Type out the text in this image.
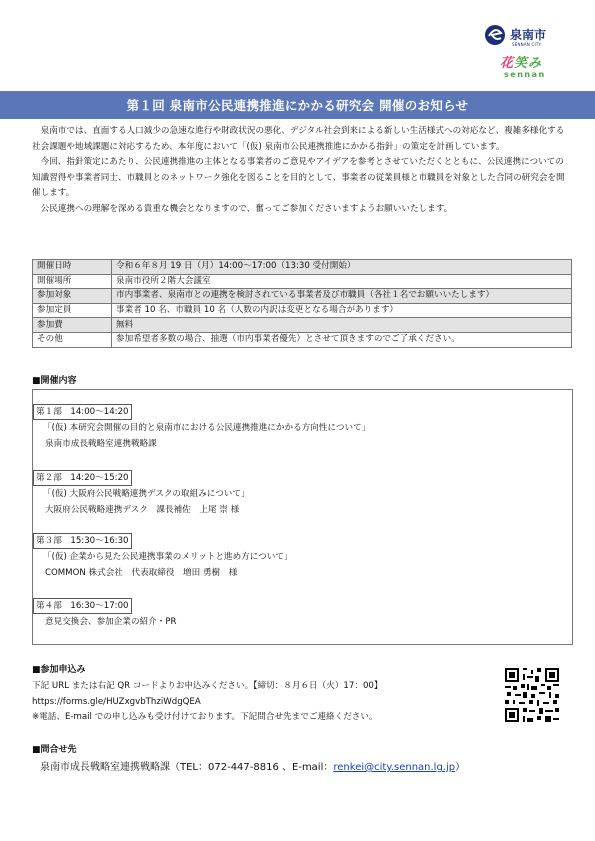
泉南市
SENNAN CITY
花笑み
sennan
第１回 泉南市公民連携推進にかかる研究会 開催のお知らせ

泉南市では、直面する人口減少の急速な進行や財政状況の悪化、デジタル社会到来による新しい生活様式への対応など、複雑多様化する社会課題や地域課題に対応するため、本年度において「(仮) 泉南市公民連携推進にかかる指針」の策定を計画しています。

今回、指針策定にあたり、公民連携推進の主体となる事業者のご意見やアイデアを参考とさせていただくとともに、公民連携についての知識習得や事業者同士、市職員とのネットワーク強化を図ることを目的として、事業者の従業員様と市職員を対象とした合同の研究会を開催します。

公民連携への理解を深める貴重な機会となりますので、奮ってご参加くださいますようお願いいたします。

開催日時	令和６年８月 19 日（月）14:00〜17:00（13:30 受付開始）
開催場所	泉南市役所２階大会議室
参加対象	市内事業者、泉南市との連携を検討されている事業者及び市職員（各社１名でお願いいたします）
参加定員	事業者 10 名、市職員 10 名（人数の内訳は変更となる場合があります）
参加費	無料
その他	参加希望者多数の場合、抽選（市内事業者優先）とさせて頂きますのでご了承ください。
■開催内容
第１部　14:00〜14:20
「(仮) 本研究会開催の目的と泉南市における公民連携推進にかかる方向性について」
泉南市成長戦略室連携戦略課
第２部　14:20〜15:20
「(仮) 大阪府公民戦略連携デスクの取組みについて」
大阪府公民戦略連携デスク　課長補佐　上尾 崇 様
第３部　15:30〜16:30
「(仮) 企業から見た公民連携事業のメリットと進め方について」
COMMON 株式会社　代表取締役　増田 勇樹　様
第４部　16:30〜17:00
意見交換会、参加企業の紹介・PR
■参加申込み

下記 URL または右記 QR コードよりお申込みください。【締切：８月６日（火）17：00】

https://forms.gle/HUZxgvbThziWdgQEA

※電話、E-mail での申し込みも受け付けております。下記問合せ先までご連絡ください。

■問合せ先
泉南市成長戦略室連携戦略課（TEL：072-447-8816 、E-mail：renkei@city.sennan.lg.jp）
